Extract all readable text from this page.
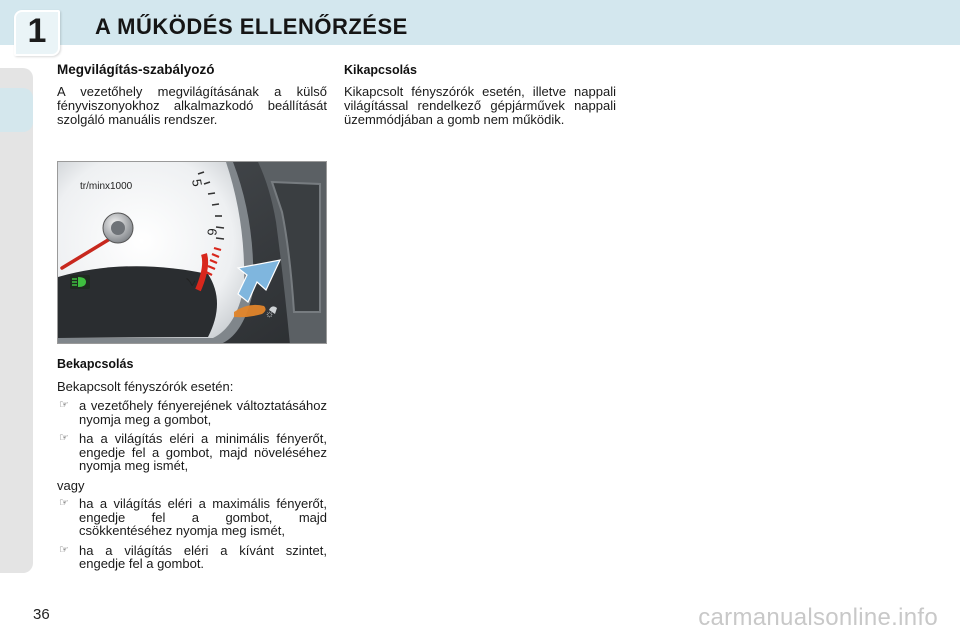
1	A MŰKÖDÉS ELLENŐRZÉSE
Megvilágítás-szabályozó

A vezetőhely megvilágításának a külső fényviszonyokhoz alkalmazkodó beállítását szolgáló manuális rendszer.

tr/minx1000	5
6
7
☼
Bekapcsolás

Bekapcsolt fényszórók esetén:

☞ a vezetőhely fényerejének változtatásához nyomja meg a gombot,
☞ ha a világítás eléri a minimális fényerőt, engedje fel a gombot, majd növeléséhez nyomja meg ismét,

vagy

☞ ha a világítás eléri a maximális fényerőt, engedje fel a gombot, majd csökkentéséhez nyomja meg ismét,
☞ ha a világítás eléri a kívánt szintet, engedje fel a gombot.
Kikapcsolás

Kikapcsolt fényszórók esetén, illetve nappali világítással rendelkező gépjárművek nappali üzemmódjában a gomb nem működik.

36	carmanualsonline.info
